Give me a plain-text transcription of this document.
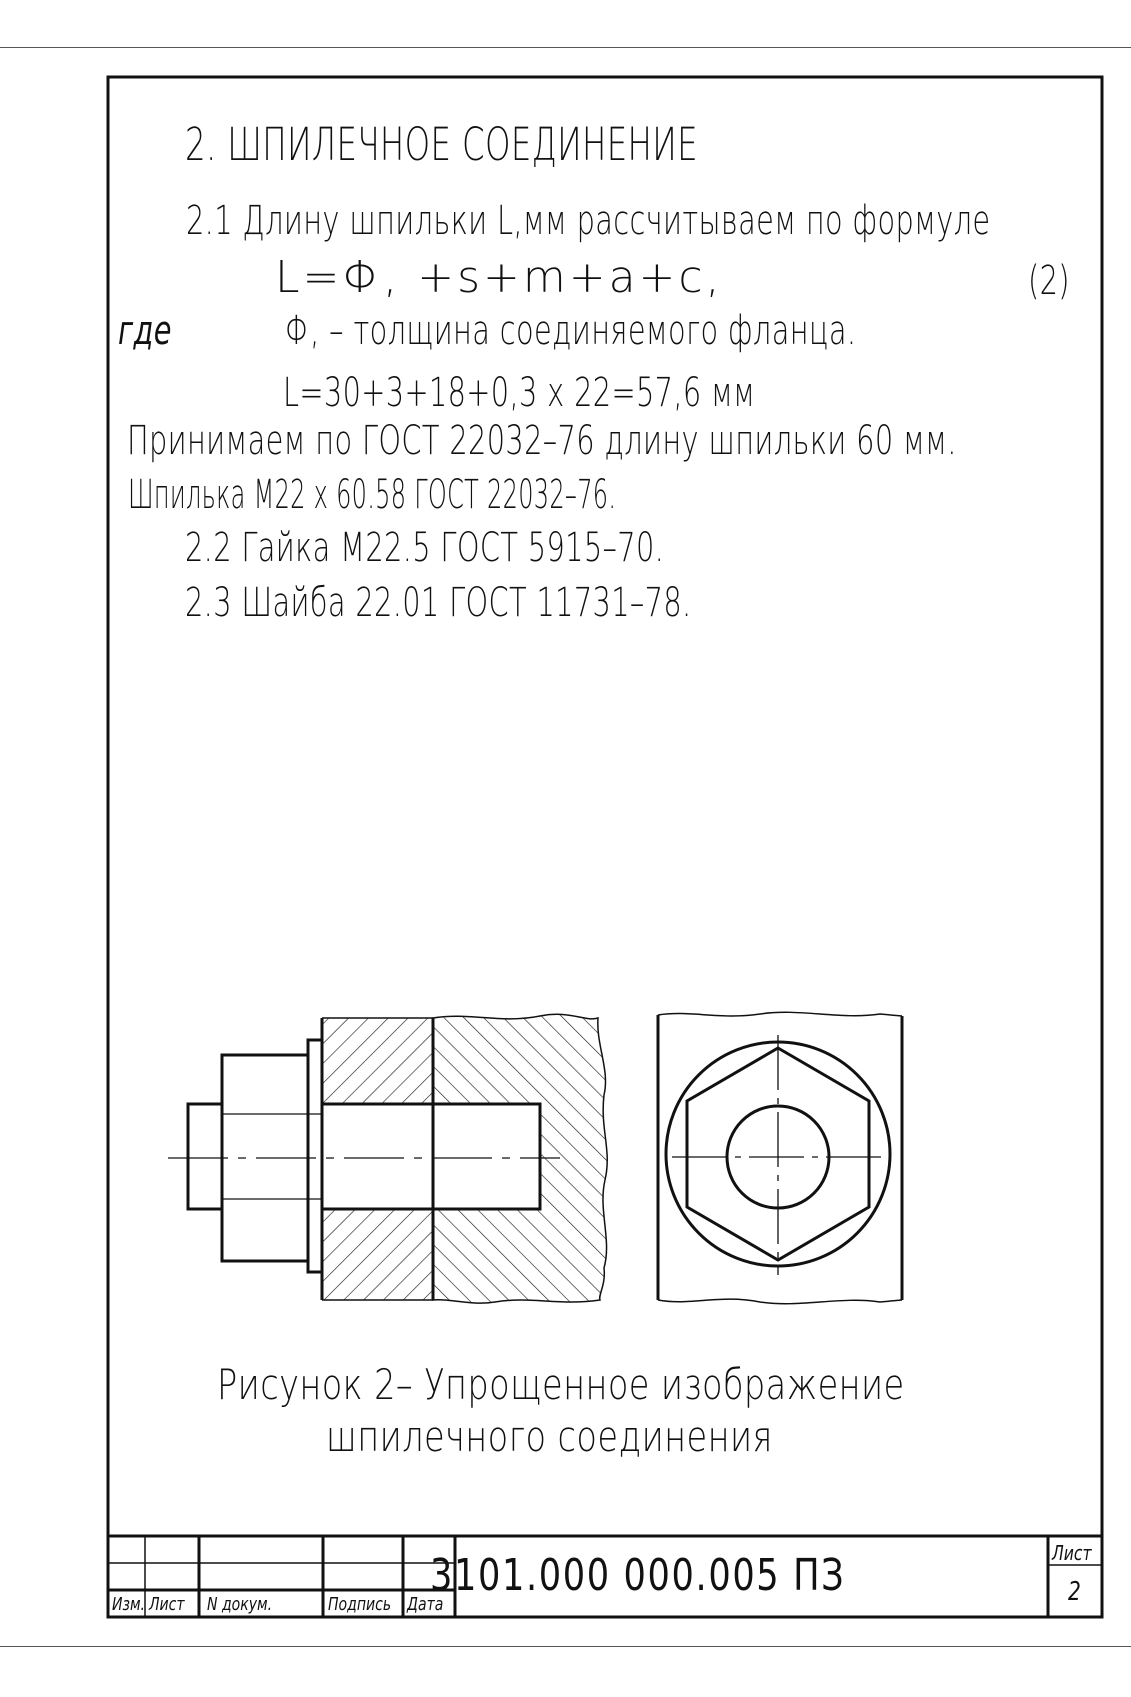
2. ШПИЛЕЧНОЕ СОЕДИНЕНИЕ
2.1 Длину шпильки L,мм рассчитываем по формуле
L=Φ, +s+m+a+c,	(2)
где	Φ, – толщина соединяемого фланца.
L=30+3+18+0,3 x 22=57,6 мм
Принимаем по ГОСТ 22032–76 длину шпильки 60 мм.
Шпилька М22 х 60.58 ГОСТ 22032–76.
2.2 Гайка М22.5 ГОСТ 5915–70.
2.3 Шайба 22.01 ГОСТ 11731–78.
Рисунок 2– Упрощенное изображение
шпилечного соединения
Изм. Лист N докум.	Подпись Дата
3101.000 000.005 ПЗ	Лист
2
